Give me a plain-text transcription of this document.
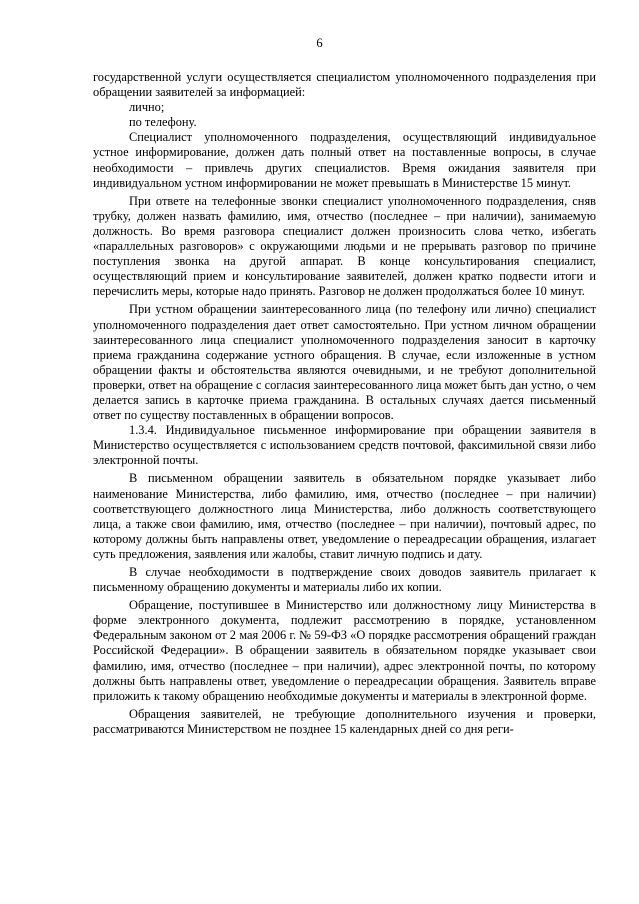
6

государственной услуги осуществляется специалистом уполномоченного подразделения при обращении заявителей за информацией:

лично;

по телефону.

Специалист уполномоченного подразделения, осуществляющий индивидуальное устное информирование, должен дать полный ответ на поставленные вопросы, в случае необходимости – привлечь других специалистов. Время ожидания заявителя при индивидуальном устном информировании не может превышать в Министерстве 15 минут.

При ответе на телефонные звонки специалист уполномоченного подразделения, сняв трубку, должен назвать фамилию, имя, отчество (последнее – при наличии), занимаемую должность. Во время разговора специалист должен произносить слова четко, избегать «параллельных разговоров» с окружающими людьми и не прерывать разговор по причине поступления звонка на другой аппарат. В конце консультирования специалист, осуществляющий прием и консультирование заявителей, должен кратко подвести итоги и перечислить меры, которые надо принять. Разговор не должен продолжаться более 10 минут.

При устном обращении заинтересованного лица (по телефону или лично) специалист уполномоченного подразделения дает ответ самостоятельно. При устном личном обращении заинтересованного лица специалист уполномоченного подразделения заносит в карточку приема гражданина содержание устного обращения. В случае, если изложенные в устном обращении факты и обстоятельства являются очевидными, и не требуют дополнительной проверки, ответ на обращение с согласия заинтересованного лица может быть дан устно, о чем делается запись в карточке приема гражданина. В остальных случаях дается письменный ответ по существу поставленных в обращении вопросов.

1.3.4. Индивидуальное письменное информирование при обращении заявителя в Министерство осуществляется с использованием средств почтовой, факсимильной связи либо электронной почты.

В письменном обращении заявитель в обязательном порядке указывает либо наименование Министерства, либо фамилию, имя, отчество (последнее – при наличии) соответствующего должностного лица Министерства, либо должность соответствующего лица, а также свои фамилию, имя, отчество (последнее – при наличии), почтовый адрес, по которому должны быть направлены ответ, уведомление о переадресации обращения, излагает суть предложения, заявления или жалобы, ставит личную подпись и дату.

В случае необходимости в подтверждение своих доводов заявитель прилагает к письменному обращению документы и материалы либо их копии.

Обращение, поступившее в Министерство или должностному лицу Министерства в форме электронного документа, подлежит рассмотрению в порядке, установленном Федеральным законом от 2 мая 2006 г. № 59-ФЗ «О порядке рассмотрения обращений граждан Российской Федерации». В обращении заявитель в обязательном порядке указывает свои фамилию, имя, отчество (последнее – при наличии), адрес электронной почты, по которому должны быть направлены ответ, уведомление о переадресации обращения. Заявитель вправе приложить к такому обращению необходимые документы и материалы в электронной форме.

Обращения заявителей, не требующие дополнительного изучения и проверки, рассматриваются Министерством не позднее 15 календарных дней со дня реги-
